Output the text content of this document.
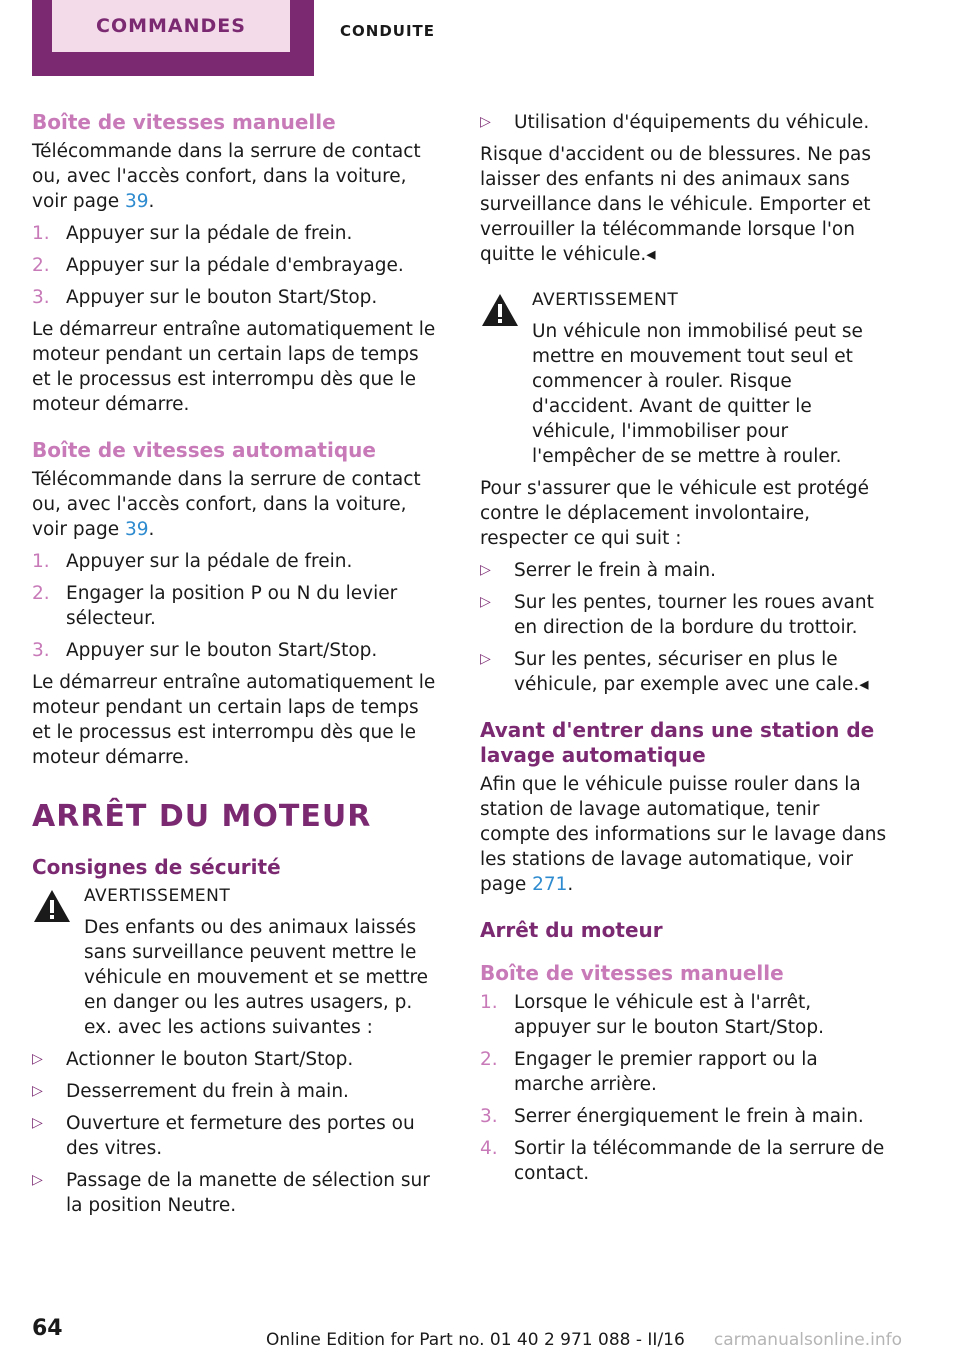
COMMANDES	CONDUITE
Boîte de vitesses manuelle

Télécommande dans la serrure de contact ou, avec l'accès confort, dans la voiture, voir page 39.

1. Appuyer sur la pédale de frein.
2. Appuyer sur la pédale d'embrayage.
3. Appuyer sur le bouton Start/Stop.

Le démarreur entraîne automatiquement le moteur pendant un certain laps de temps et le processus est interrompu dès que le moteur démarre.

Boîte de vitesses automatique

Télécommande dans la serrure de contact ou, avec l'accès confort, dans la voiture, voir page 39.

1. Appuyer sur la pédale de frein.
2. Engager la position P ou N du levier sélecteur.
3. Appuyer sur le bouton Start/Stop.

Le démarreur entraîne automatiquement le moteur pendant un certain laps de temps et le processus est interrompu dès que le moteur démarre.

ARRÊT DU MOTEUR
Consignes de sécurité
AVERTISSEMENT

Des enfants ou des animaux laissés sans surveillance peuvent mettre le véhicule en mouvement et se mettre en danger ou les autres usagers, p. ex. avec les actions suivantes :

▷ Actionner le bouton Start/Stop.
▷ Desserrement du frein à main.
▷ Ouverture et fermeture des portes ou des vitres.
▷ Passage de la manette de sélection sur la position Neutre.
▷ Utilisation d'équipements du véhicule.

Risque d'accident ou de blessures. Ne pas laisser des enfants ni des animaux sans surveillance dans le véhicule. Emporter et verrouiller la télécommande lorsque l'on quitte le véhicule.◂

AVERTISSEMENT

Un véhicule non immobilisé peut se mettre en mouvement tout seul et commencer à rouler. Risque d'accident. Avant de quitter le véhicule, l'immobiliser pour l'empêcher de se mettre à rouler.

Pour s'assurer que le véhicule est protégé contre le déplacement involontaire, respecter ce qui suit :

▷ Serrer le frein à main.
▷ Sur les pentes, tourner les roues avant en direction de la bordure du trottoir.
▷ Sur les pentes, sécuriser en plus le véhicule, par exemple avec une cale.◂
Avant d'entrer dans une station de lavage automatique

Afin que le véhicule puisse rouler dans la station de lavage automatique, tenir compte des informations sur le lavage dans les stations de lavage automatique, voir page 271.

Arrêt du moteur
Boîte de vitesses manuelle
1. Lorsque le véhicule est à l'arrêt, appuyer sur le bouton Start/Stop.
2. Engager le premier rapport ou la marche arrière.
3. Serrer énergiquement le frein à main.
4. Sortir la télécommande de la serrure de contact.
64	Online Edition for Part no. 01 40 2 971 088 - II/16 carmanualsonline.info
